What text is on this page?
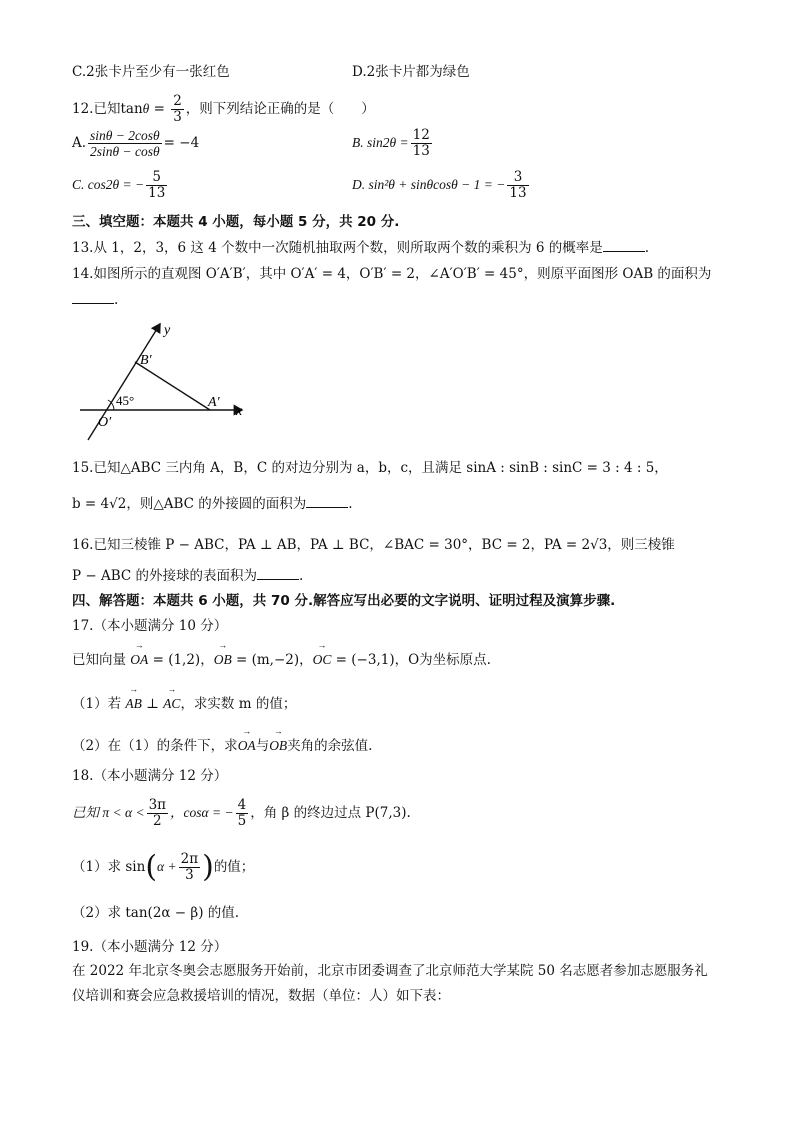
C.2张卡片至少有一张红色	D.2张卡片都为绿色
12.已知$\tan\theta = \frac{2}{3}$ ，则下列结论正确的是（　　）
A. $\frac{\sin\theta - 2\cos\theta}{2\sin\theta - \cos\theta} = -4$	B. $\sin 2\theta = \frac{12}{13}$
C. cos2θ = − $\frac{5}{13}$	D. sin²θ + sinθcosθ − 1 = − $\frac{3}{13}$
三、填空题：本题共 4 小题，每小题 5 分，共 20 分.
13.从 1，2，3，6 这 4 个数中一次随机抽取两个数，则所取两个数的乘积为 6 的概率是	.
14.如图所示的直观图 O′A′B′，其中 O′A′ = 4，O′B′ = 2，∠A′O′B′ = 45°，则原平面图形 OAB 的面积为
.
y
x
B′
A′
O′
45°
15.已知△ABC 三内角 A，B，C 的对边分别为 a，b，c，且满足 sinA : sinB : sinC = 3 : 4 : 5，
b = 4√2，则△ABC 的外接圆的面积为	.
16.已知三棱锥 P − ABC，PA ⊥ AB，PA ⊥ BC，∠BAC = 30°，BC = 2，PA = 2√3，则三棱锥
P − ABC 的外接球的表面积为	.
四、解答题：本题共 6 小题，共 70 分.解答应写出必要的文字说明、证明过程及演算步骤.
17.（本小题满分 10 分）
已知向量 → OA = (1,2)，→ OB = (m,−2)，→ OC = (−3,1)，O为坐标原点.
（1）若 → AB ⊥ → AC，求实数 m 的值；
（2）在（1）的条件下，求→ OA与→ OB夹角的余弦值.
18.（本小题满分 12 分）
已知 $\pi < \alpha < \frac{3\pi}{2}$ ，cosα = − $\frac{4}{5}$ ，角 β 的终边过点 P(7,3).
（1）求 $\sin(\alpha + \frac{2\pi}{3}$ )的值；
（2）求 tan(2α − β) 的值.
19.（本小题满分 12 分）
在 2022 年北京冬奥会志愿服务开始前，北京市团委调查了北京师范大学某院 50 名志愿者参加志愿服务礼
仪培训和赛会应急救援培训的情况，数据（单位：人）如下表：
